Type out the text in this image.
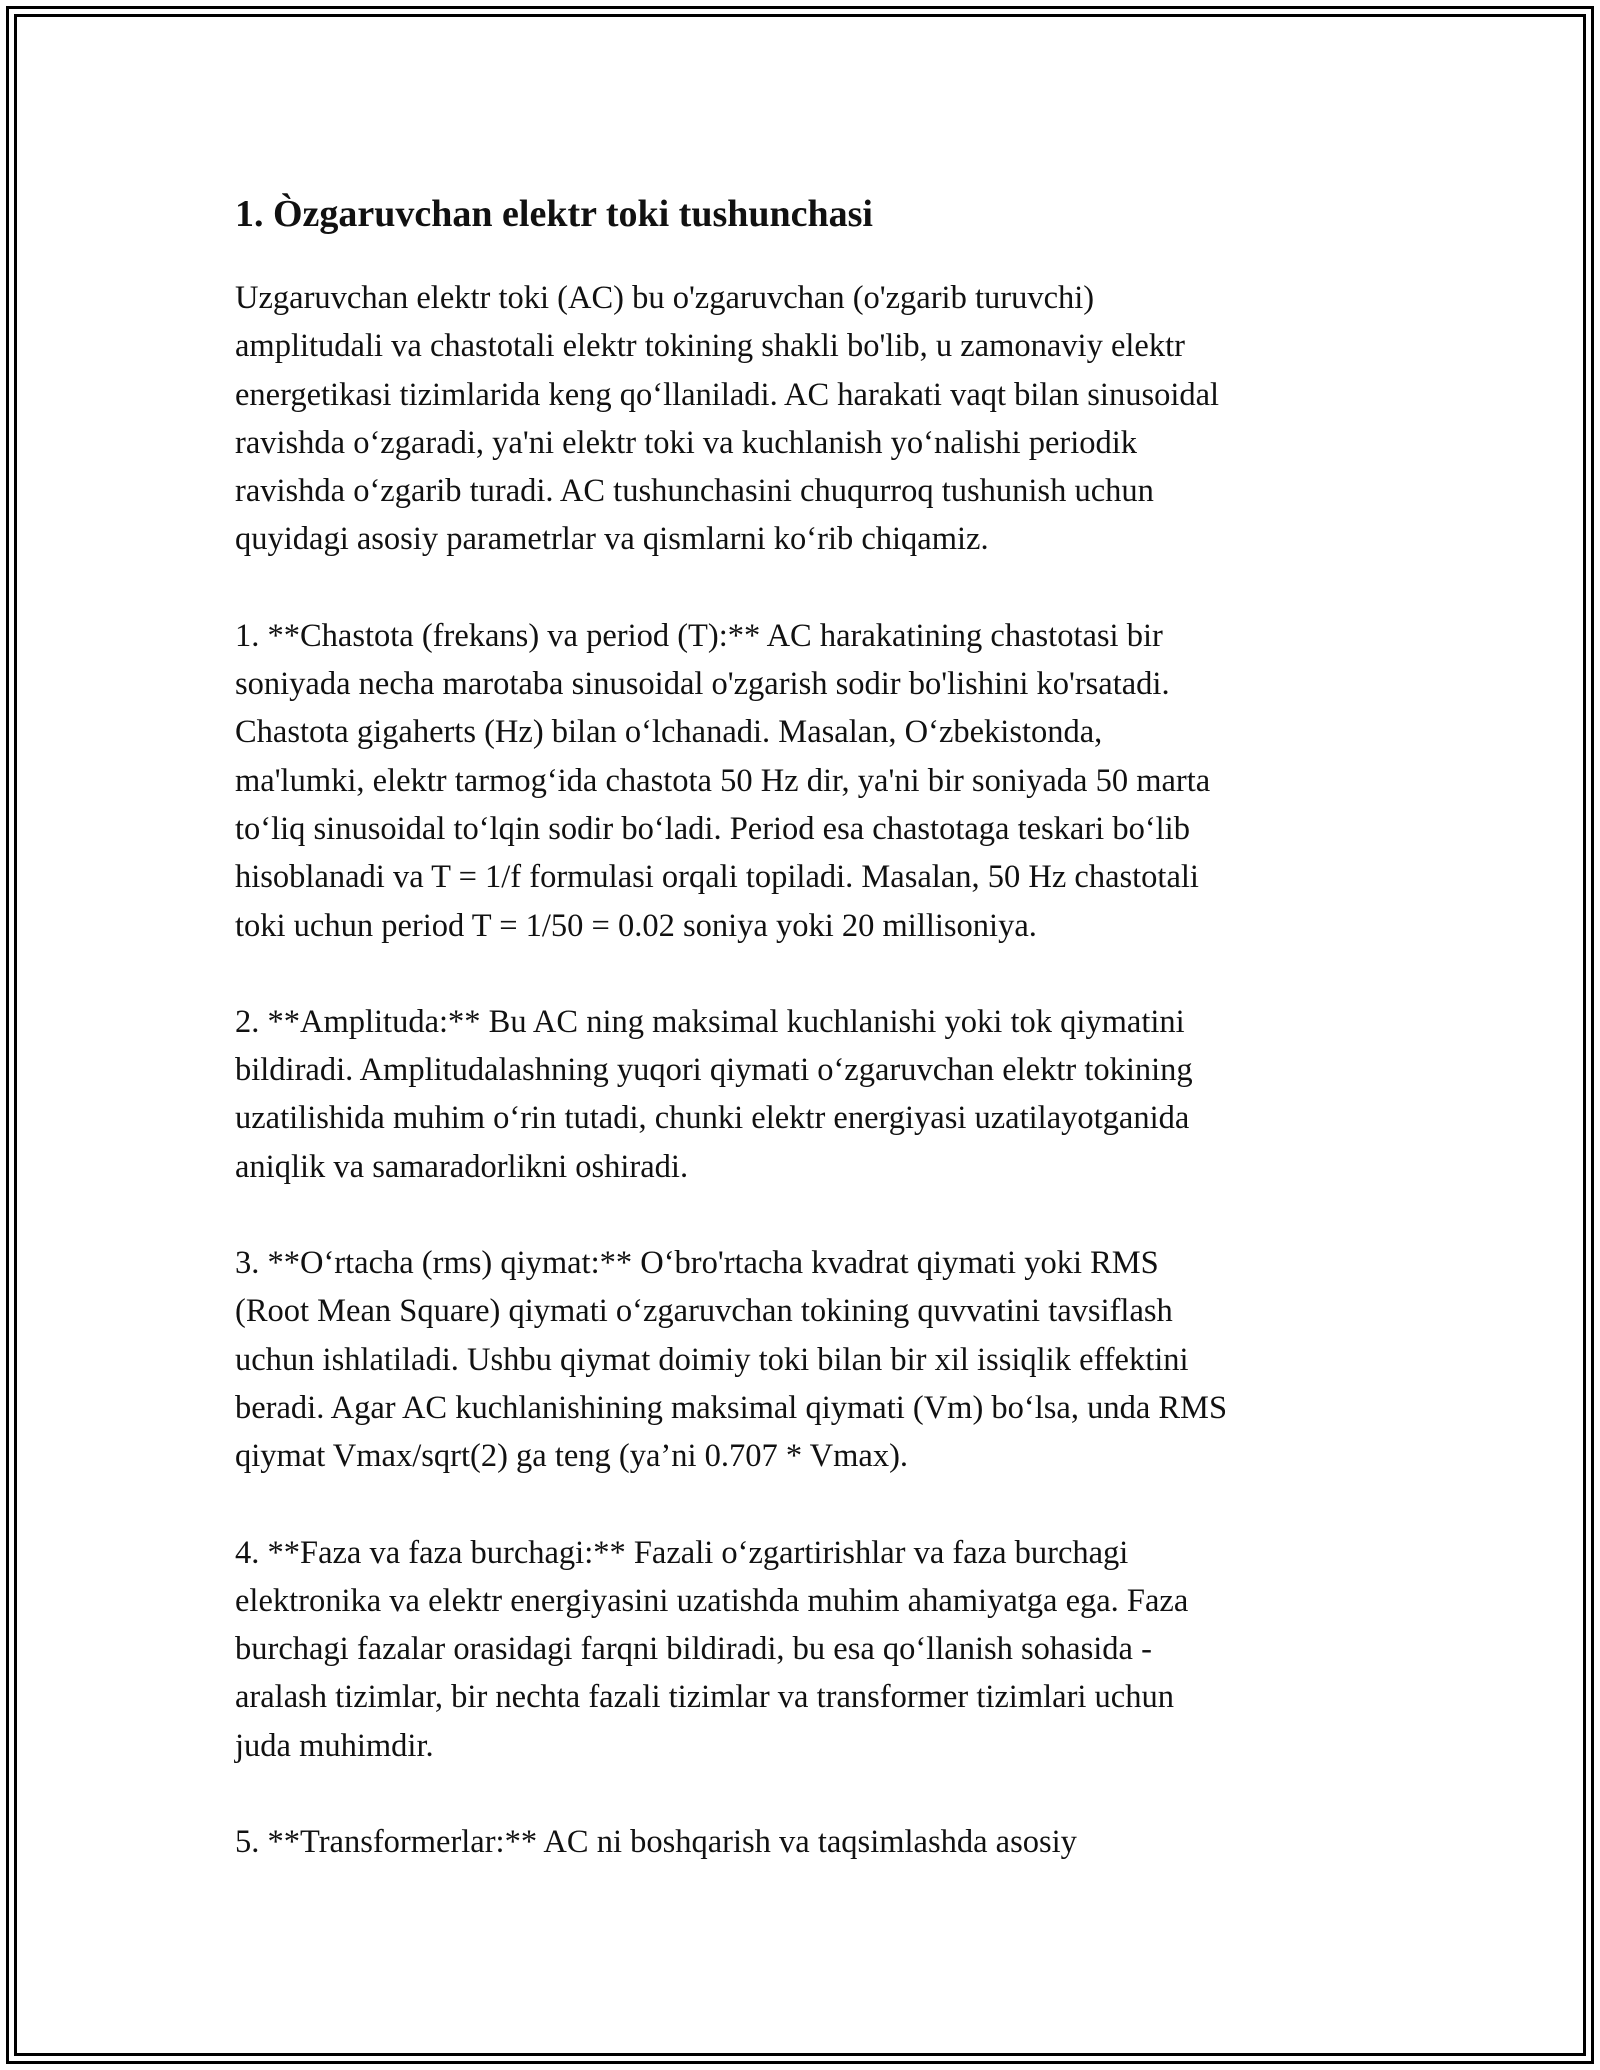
1. Òzgaruvchan elektr toki tushunchasi

Uzgaruvchan elektr toki (AC) bu o'zgaruvchan (o'zgarib turuvchi)
amplitudali va chastotali elektr tokining shakli bo'lib, u zamonaviy elektr
energetikasi tizimlarida keng qo‘llaniladi. AC harakati vaqt bilan sinusoidal
ravishda o‘zgaradi, ya'ni elektr toki va kuchlanish yo‘nalishi periodik
ravishda o‘zgarib turadi. AC tushunchasini chuqurroq tushunish uchun
quyidagi asosiy parametrlar va qismlarni ko‘rib chiqamiz.

1. **Chastota (frekans) va period (T):** AC harakatining chastotasi bir
soniyada necha marotaba sinusoidal o'zgarish sodir bo'lishini ko'rsatadi.
Chastota gigaherts (Hz) bilan o‘lchanadi. Masalan, O‘zbekistonda,
ma'lumki, elektr tarmog‘ida chastota 50 Hz dir, ya'ni bir soniyada 50 marta
to‘liq sinusoidal to‘lqin sodir bo‘ladi. Period esa chastotaga teskari bo‘lib
hisoblanadi va T = 1/f formulasi orqali topiladi. Masalan, 50 Hz chastotali
toki uchun period T = 1/50 = 0.02 soniya yoki 20 millisoniya.

2. **Amplituda:** Bu AC ning maksimal kuchlanishi yoki tok qiymatini
bildiradi. Amplitudalashning yuqori qiymati o‘zgaruvchan elektr tokining
uzatilishida muhim o‘rin tutadi, chunki elektr energiyasi uzatilayotganida
aniqlik va samaradorlikni oshiradi.

3. **O‘rtacha (rms) qiymat:** O‘bro'rtacha kvadrat qiymati yoki RMS
(Root Mean Square) qiymati o‘zgaruvchan tokining quvvatini tavsiflash
uchun ishlatiladi. Ushbu qiymat doimiy toki bilan bir xil issiqlik effektini
beradi. Agar AC kuchlanishining maksimal qiymati (Vm) bo‘lsa, unda RMS
qiymat Vmax/sqrt(2) ga teng (ya’ni 0.707 * Vmax).

4. **Faza va faza burchagi:** Fazali o‘zgartirishlar va faza burchagi
elektronika va elektr energiyasini uzatishda muhim ahamiyatga ega. Faza
burchagi fazalar orasidagi farqni bildiradi, bu esa qo‘llanish sohasida -
aralash tizimlar, bir nechta fazali tizimlar va transformer tizimlari uchun
juda muhimdir.

5. **Transformerlar:** AC ni boshqarish va taqsimlashda asosiy
